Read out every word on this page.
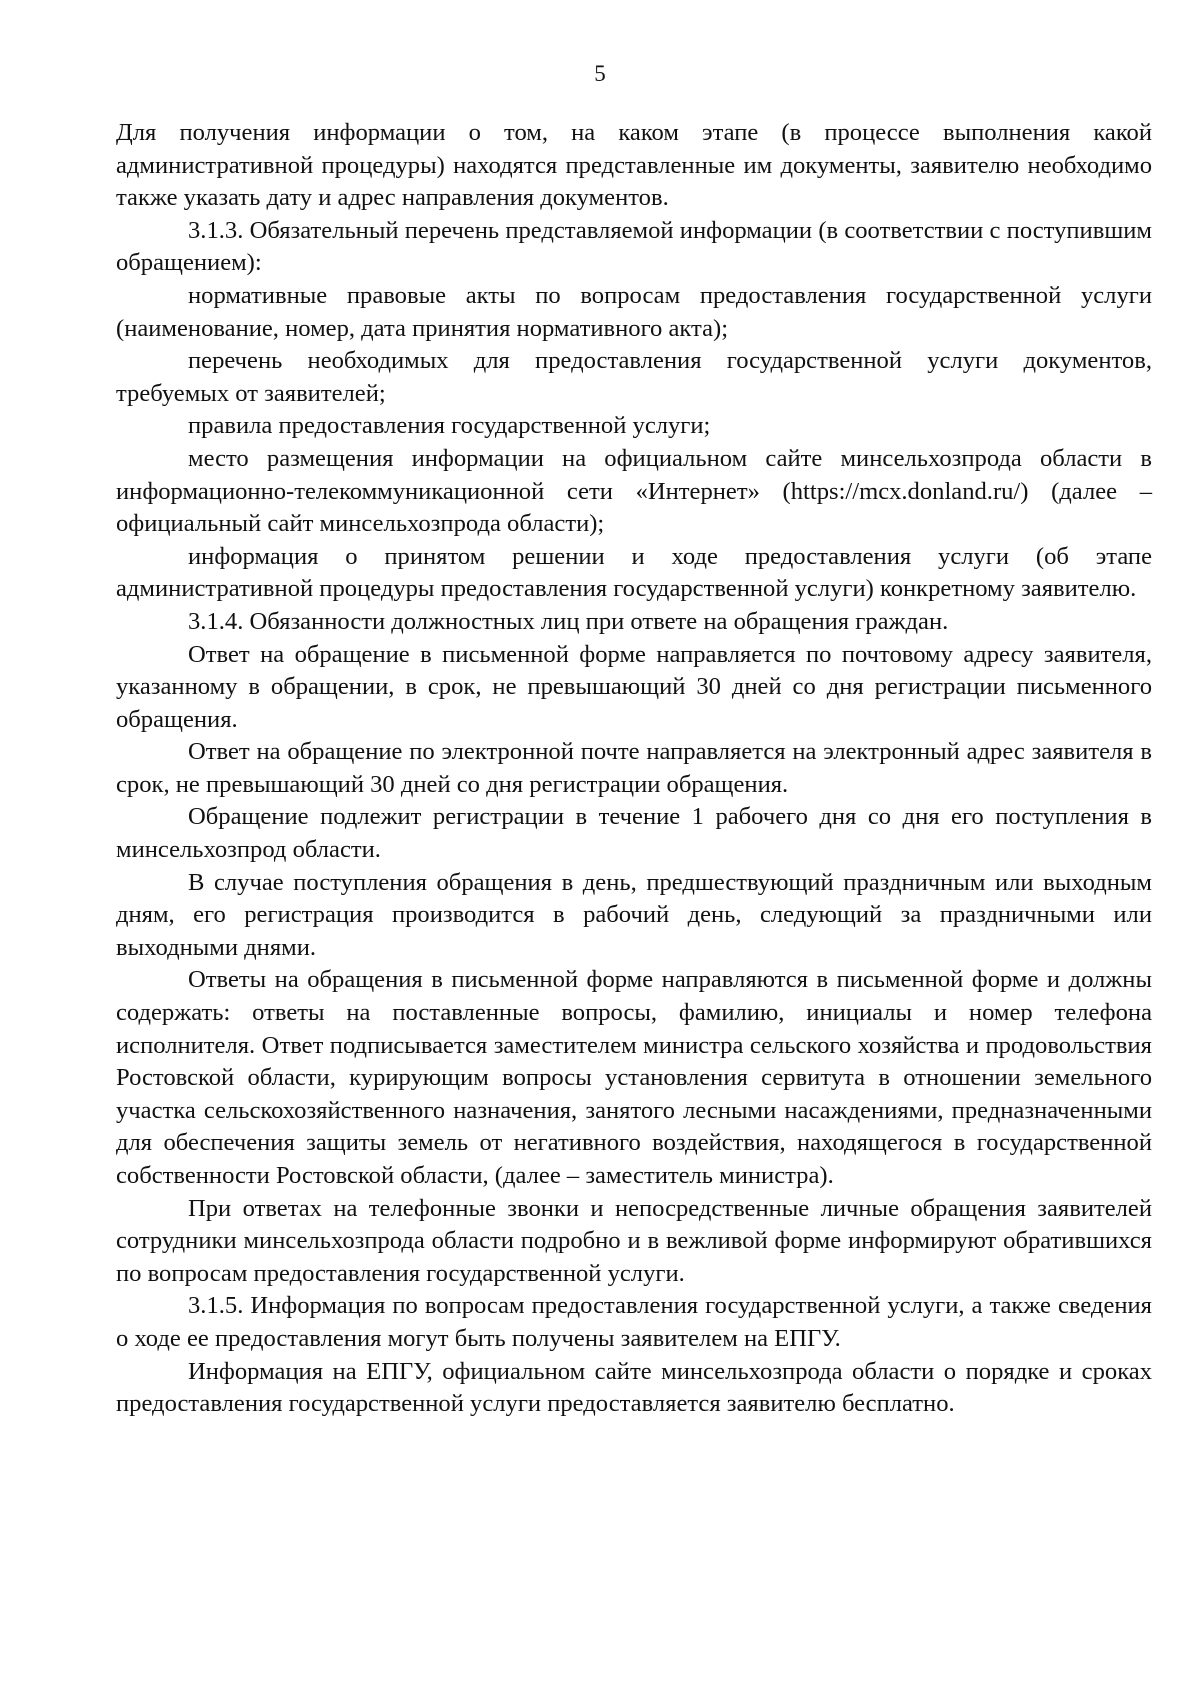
5

Для получения информации о том, на каком этапе (в процессе выполнения какой административной процедуры) находятся представленные им документы, заявителю необходимо также указать дату и адрес направления документов.

3.1.3. Обязательный перечень представляемой информации (в соответствии с поступившим обращением):

нормативные правовые акты по вопросам предоставления государственной услуги (наименование, номер, дата принятия нормативного акта);

перечень необходимых для предоставления государственной услуги документов, требуемых от заявителей;

правила предоставления государственной услуги;

место размещения информации на официальном сайте минсельхозпрода области в информационно-телекоммуникационной сети «Интернет» (https://mcx.donland.ru/) (далее – официальный сайт минсельхозпрода области);

информация о принятом решении и ходе предоставления услуги (об этапе административной процедуры предоставления государственной услуги) конкретному заявителю.

3.1.4. Обязанности должностных лиц при ответе на обращения граждан.

Ответ на обращение в письменной форме направляется по почтовому адресу заявителя, указанному в обращении, в срок, не превышающий 30 дней со дня регистрации письменного обращения.

Ответ на обращение по электронной почте направляется на электронный адрес заявителя в срок, не превышающий 30 дней со дня регистрации обращения.

Обращение подлежит регистрации в течение 1 рабочего дня со дня его поступления в минсельхозпрод области.

В случае поступления обращения в день, предшествующий праздничным или выходным дням, его регистрация производится в рабочий день, следующий за праздничными или выходными днями.

Ответы на обращения в письменной форме направляются в письменной форме и должны содержать: ответы на поставленные вопросы, фамилию, инициалы и номер телефона исполнителя. Ответ подписывается заместителем министра сельского хозяйства и продовольствия Ростовской области, курирующим вопросы установления сервитута в отношении земельного участка сельскохозяйственного назначения, занятого лесными насаждениями, предназначенными для обеспечения защиты земель от негативного воздействия, находящегося в государственной собственности Ростовской области, (далее – заместитель министра).

При ответах на телефонные звонки и непосредственные личные обращения заявителей сотрудники минсельхозпрода области подробно и в вежливой форме информируют обратившихся по вопросам предоставления государственной услуги.

3.1.5. Информация по вопросам предоставления государственной услуги, а также сведения о ходе ее предоставления могут быть получены заявителем на ЕПГУ.

Информация на ЕПГУ, официальном сайте минсельхозпрода области о порядке и сроках предоставления государственной услуги предоставляется заявителю бесплатно.
